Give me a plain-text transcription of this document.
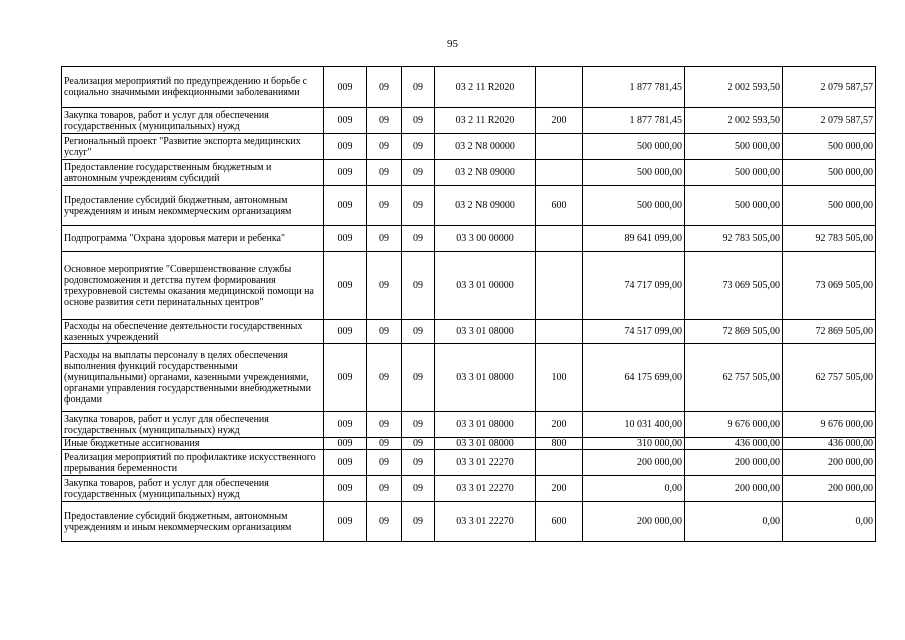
95
Реализация мероприятий по предупреждению и борьбе с социально значимыми инфекционными заболеваниями	009	09	09	03 2 11 R2020		1 877 781,45	2 002 593,50	2 079 587,57
Закупка товаров, работ и услуг для обеспечения государственных (муниципальных) нужд	009	09	09	03 2 11 R2020	200	1 877 781,45	2 002 593,50	2 079 587,57
Региональный проект "Развитие экспорта медицинских услуг"	009	09	09	03 2 N8 00000		500 000,00	500 000,00	500 000,00
Предоставление государственным бюджетным и автономным учреждениям субсидий	009	09	09	03 2 N8 09000		500 000,00	500 000,00	500 000,00
Предоставление субсидий бюджетным, автономным учреждениям и иным некоммерческим организациям	009	09	09	03 2 N8 09000	600	500 000,00	500 000,00	500 000,00
Подпрограмма "Охрана здоровья матери и ребенка"	009	09	09	03 3 00 00000		89 641 099,00	92 783 505,00	92 783 505,00
Основное мероприятие "Совершенствование службы родовспоможения и детства путем формирования трехуровневой системы оказания медицинской помощи на основе развития сети перинатальных центров"	009	09	09	03 3 01 00000		74 717 099,00	73 069 505,00	73 069 505,00
Расходы на обеспечение деятельности государственных казенных учреждений	009	09	09	03 3 01 08000		74 517 099,00	72 869 505,00	72 869 505,00
Расходы на выплаты персоналу в целях обеспечения выполнения функций государственными (муниципальными) органами, казенными учреждениями, органами управления государственными внебюджетными фондами	009	09	09	03 3 01 08000	100	64 175 699,00	62 757 505,00	62 757 505,00
Закупка товаров, работ и услуг для обеспечения государственных (муниципальных) нужд	009	09	09	03 3 01 08000	200	10 031 400,00	9 676 000,00	9 676 000,00
Иные бюджетные ассигнования	009	09	09	03 3 01 08000	800	310 000,00	436 000,00	436 000,00
Реализация мероприятий по профилактике искусственного прерывания беременности	009	09	09	03 3 01 22270		200 000,00	200 000,00	200 000,00
Закупка товаров, работ и услуг для обеспечения государственных (муниципальных) нужд	009	09	09	03 3 01 22270	200	0,00	200 000,00	200 000,00
Предоставление субсидий бюджетным, автономным учреждениям и иным некоммерческим организациям	009	09	09	03 3 01 22270	600	200 000,00	0,00	0,00
